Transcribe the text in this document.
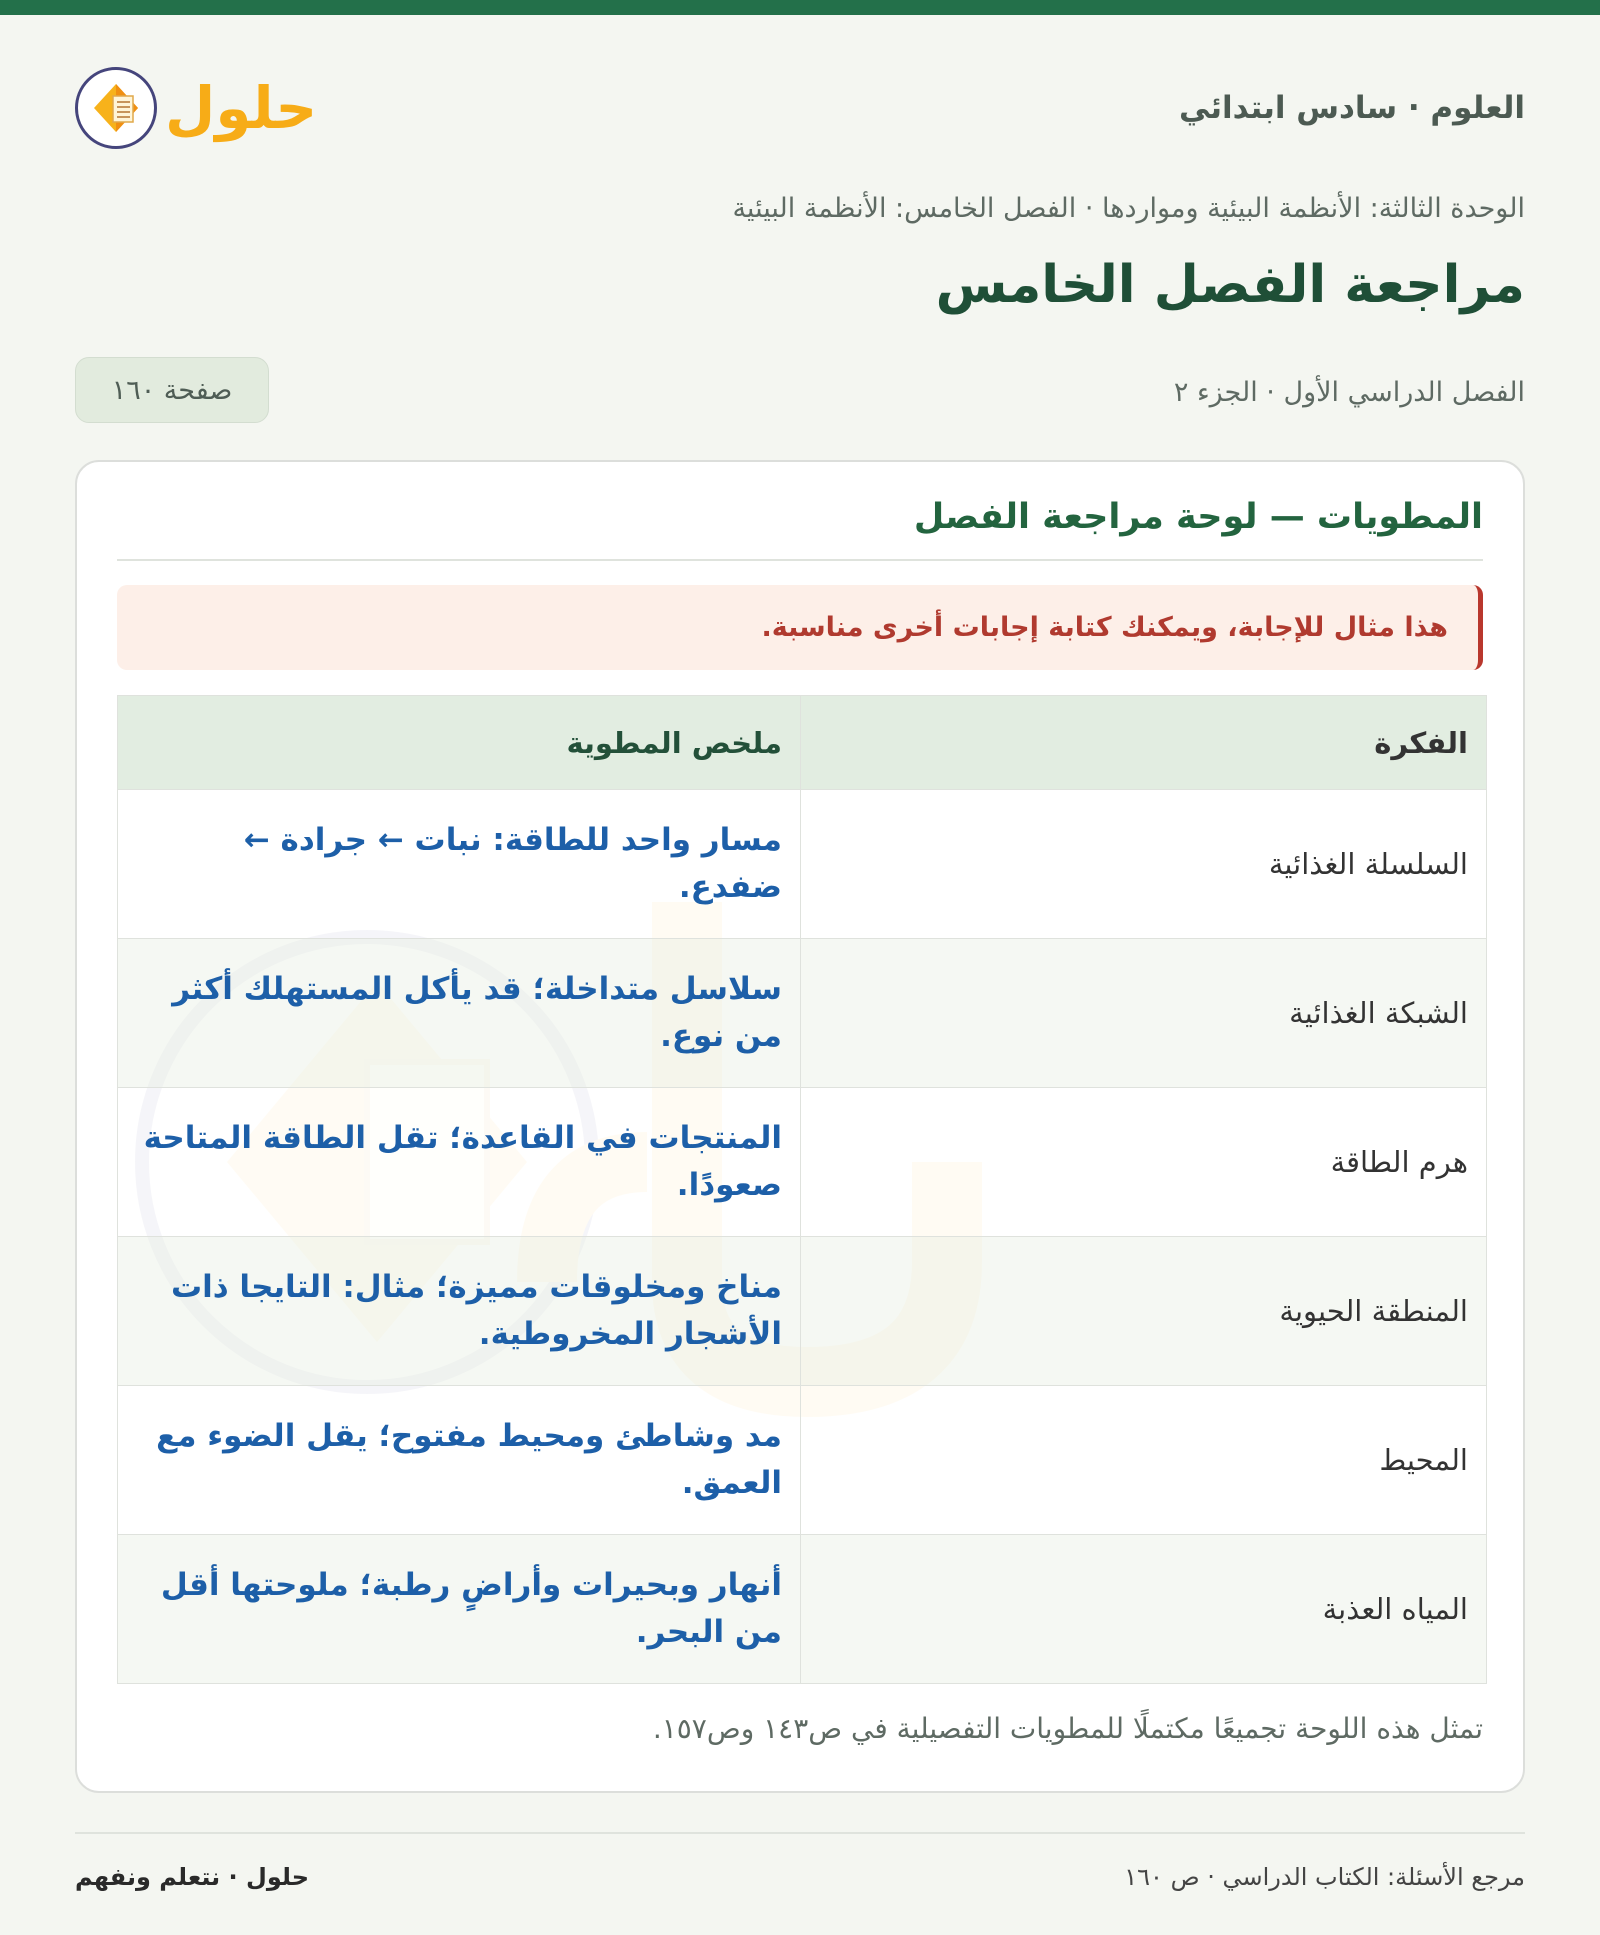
العلوم · سادس ابتدائي
حلول
الوحدة الثالثة: الأنظمة البيئية ومواردها · الفصل الخامس: الأنظمة البيئية
مراجعة الفصل الخامس
الفصل الدراسي الأول · الجزء ٢
صفحة ١٦٠
المطويات — لوحة مراجعة الفصل
هذا مثال للإجابة، ويمكنك كتابة إجابات أخرى مناسبة.
الفكرة	ملخص المطوية
السلسلة الغذائية	مسار واحد للطاقة: نبات ← جرادة ← ضفدع.
الشبكة الغذائية	سلاسل متداخلة؛ قد يأكل المستهلك أكثر من نوع.
هرم الطاقة	المنتجات في القاعدة؛ تقل الطاقة المتاحة صعودًا.
المنطقة الحيوية	مناخ ومخلوقات مميزة؛ مثال: التايجا ذات الأشجار المخروطية.
المحيط	مد وشاطئ ومحيط مفتوح؛ يقل الضوء مع العمق.
المياه العذبة	أنهار وبحيرات وأراضٍ رطبة؛ ملوحتها أقل من البحر.
تمثل هذه اللوحة تجميعًا مكتملًا للمطويات التفصيلية في ص١٤٣ وص١٥٧.
مرجع الأسئلة: الكتاب الدراسي · ص ١٦٠
حلول · نتعلم ونفهم
